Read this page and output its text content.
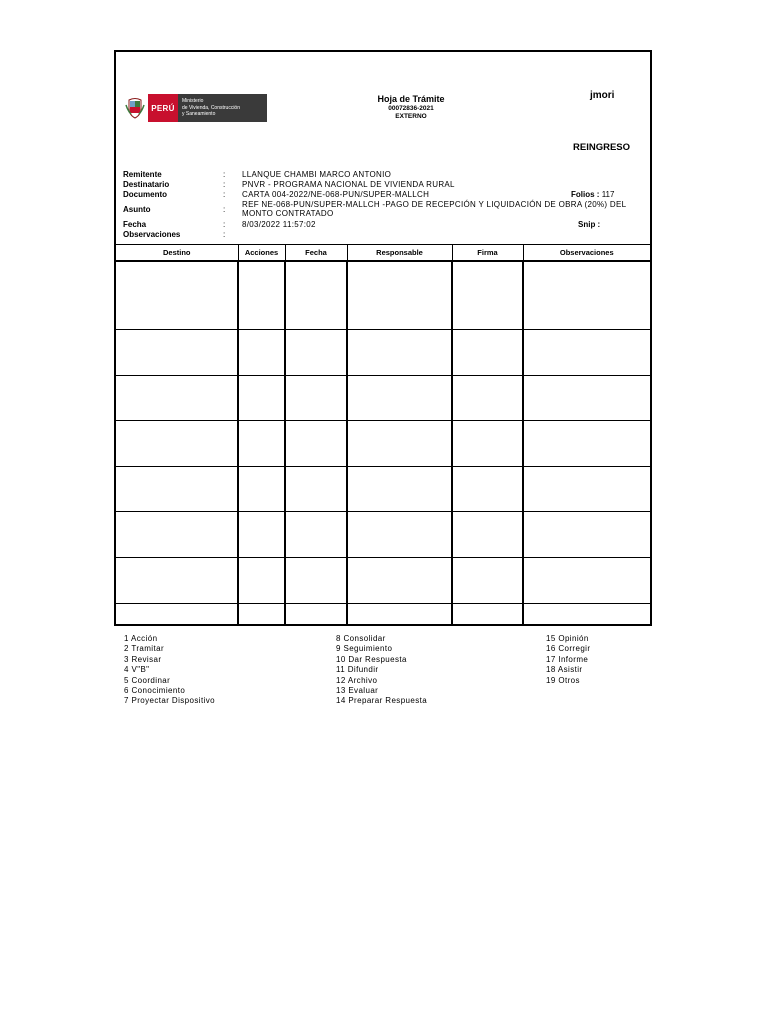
PERÚ
Ministerio
de Vivienda, Construcción
y Saneamiento
Hoja de Trámite
00072836-2021
EXTERNO
jmori
REINGRESO
Remitente	: LLANQUE CHAMBI MARCO ANTONIO
Destinatario	: PNVR - PROGRAMA NACIONAL DE VIVIENDA RURAL
Documento	: CARTA 004-2022/NE-068-PUN/SUPER-MALLCH	Folios : 117
Asunto	:
REF NE-068-PUN/SUPER-MALLCH -PAGO DE RECEPCIÓN Y LIQUIDACIÓN DE OBRA (20%) DEL MONTO CONTRATADO
Fecha	: 8/03/2022 11:57:02	Snip :
Observaciones	:
Destino	Acciones	Fecha	Responsable	Firma	Observaciones

1 Acción
2 Tramitar
3 Revisar
4 V"B"
5 Coordinar
6 Conocimiento
7 Proyectar Dispositivo
8 Consolidar
9 Seguimiento
10 Dar Respuesta
11 Difundir
12 Archivo
13 Evaluar
14 Preparar Respuesta
15 Opinión
16 Corregir
17 Informe
18 Asistir
19 Otros
